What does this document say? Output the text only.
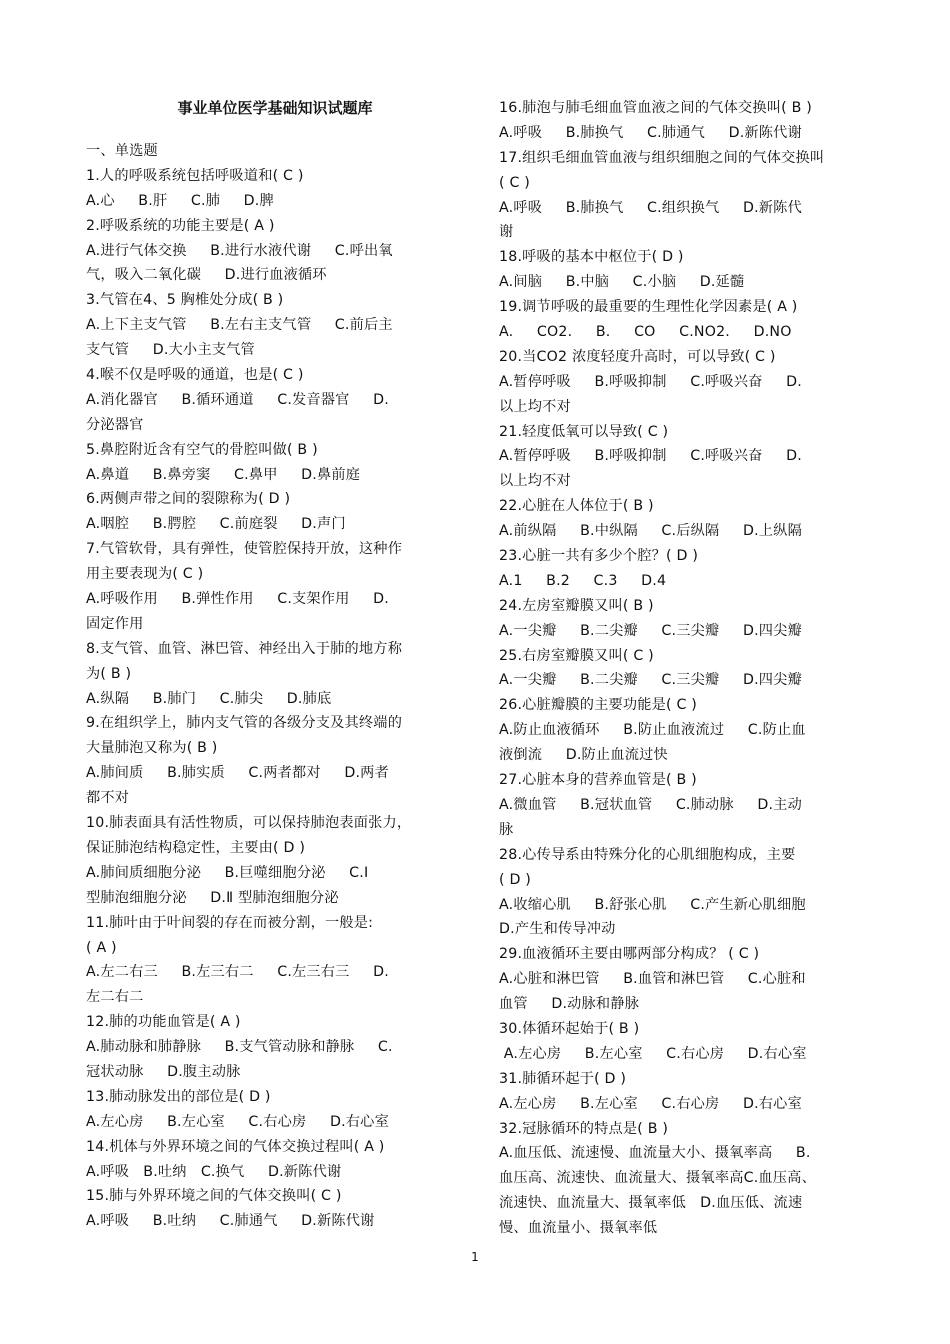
事业单位医学基础知识试题库
一、单选题
1.人的呼吸系统包括呼吸道和( C )
A.心     B.肝     C.肺     D.脾
2.呼吸系统的功能主要是( A )
A.进行气体交换     B.进行水液代谢     C.呼出氧
气，吸入二氧化碳     D.进行血液循环
3.气管在4、5 胸椎处分成( B )
A.上下主支气管     B.左右主支气管     C.前后主
支气管     D.大小主支气管
4.喉不仅是呼吸的通道，也是( C )
A.消化器官     B.循环通道     C.发音器官     D.
分泌器官
5.鼻腔附近含有空气的骨腔叫做( B )
A.鼻道     B.鼻旁窦     C.鼻甲     D.鼻前庭
6.两侧声带之间的裂隙称为( D )
A.咽腔     B.腭腔     C.前庭裂     D.声门
7.气管软骨，具有弹性，使管腔保持开放，这种作
用主要表现为( C )
A.呼吸作用     B.弹性作用     C.支架作用     D.
固定作用
8.支气管、血管、淋巴管、神经出入于肺的地方称
为( B )
A.纵隔     B.肺门     C.肺尖     D.肺底
9.在组织学上，肺内支气管的各级分支及其终端的
大量肺泡又称为( B )
A.肺间质     B.肺实质     C.两者都对     D.两者
都不对
10.肺表面具有活性物质，可以保持肺泡表面张力，
保证肺泡结构稳定性，主要由( D )
A.肺间质细胞分泌     B.巨噬细胞分泌     C.Ⅰ
型肺泡细胞分泌     D.Ⅱ 型肺泡细胞分泌
11.肺叶由于叶间裂的存在而被分割，一般是:
( A )
A.左二右三     B.左三右二     C.左三右三     D.
左二右二
12.肺的功能血管是( A )
A.肺动脉和肺静脉     B.支气管动脉和静脉     C.
冠状动脉     D.腹主动脉
13.肺动脉发出的部位是( D )
A.左心房     B.左心室     C.右心房     D.右心室
14.机体与外界环境之间的气体交换过程叫( A )
A.呼吸   B.吐纳   C.换气     D.新陈代谢
15.肺与外界环境之间的气体交换叫( C )
A.呼吸     B.吐纳     C.肺通气     D.新陈代谢
16.肺泡与肺毛细血管血液之间的气体交换叫( B )
A.呼吸     B.肺换气     C.肺通气     D.新陈代谢
17.组织毛细血管血液与组织细胞之间的气体交换叫
( C )
A.呼吸     B.肺换气     C.组织换气     D.新陈代
谢
18.呼吸的基本中枢位于( D )
A.间脑     B.中脑     C.小脑     D.延髓
19.调节呼吸的最重要的生理性化学因素是( A )
A.     CO2.     B.     CO     C.NO2.     D.NO
20.当CO2 浓度轻度升高时，可以导致( C )
A.暂停呼吸     B.呼吸抑制     C.呼吸兴奋     D.
以上均不对
21.轻度低氧可以导致( C )
A.暂停呼吸     B.呼吸抑制     C.呼吸兴奋     D.
以上均不对
22.心脏在人体位于( B )
A.前纵隔     B.中纵隔     C.后纵隔     D.上纵隔
23.心脏一共有多少个腔？( D )
A.1     B.2     C.3     D.4
24.左房室瓣膜又叫( B )
A.一尖瓣     B.二尖瓣     C.三尖瓣     D.四尖瓣
25.右房室瓣膜又叫( C )
A.一尖瓣     B.二尖瓣     C.三尖瓣     D.四尖瓣
26.心脏瓣膜的主要功能是( C )
A.防止血液循环     B.防止血液流过     C.防止血
液倒流     D.防止血流过快
27.心脏本身的营养血管是( B )
A.微血管     B.冠状血管     C.肺动脉     D.主动
脉
28.心传导系由特殊分化的心肌细胞构成，主要
( D )
A.收缩心肌     B.舒张心肌     C.产生新心肌细胞
D.产生和传导冲动
29.血液循环主要由哪两部分构成？ ( C )
A.心脏和淋巴管     B.血管和淋巴管     C.心脏和
血管     D.动脉和静脉
30.体循环起始于( B )
A.左心房     B.左心室     C.右心房     D.右心室
31.肺循环起于( D )
A.左心房     B.左心室     C.右心房     D.右心室
32.冠脉循环的特点是( B )
A.血压低、流速慢、血流量大小、摄氧率高     B.
血压高、流速快、血流量大、摄氧率高C.血压高、
流速快、血流量大、摄氧率低   D.血压低、流速
慢、血流量小、摄氧率低
1
